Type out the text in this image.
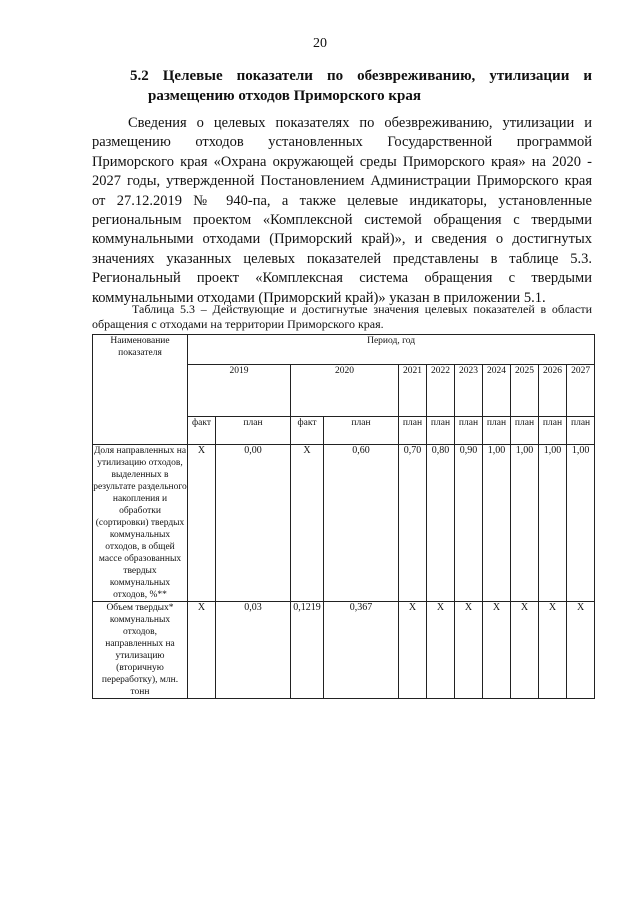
20
5.2 Целевые показатели по обезвреживанию, утилизации и
размещению отходов Приморского края
Сведения о целевых показателях по обезвреживанию, утилизации и размещению отходов установленных Государственной программой Приморского края «Охрана окружающей среды Приморского края» на 2020 - 2027 годы, утвержденной Постановлением Администрации Приморского края от 27.12.2019 № 940-па, а также целевые индикаторы, установленные региональным проектом «Комплексной системой обращения с твердыми коммунальными отходами (Приморский край)», и сведения о достигнутых значениях указанных целевых показателей представлены в таблице 5.3. Региональный проект «Комплексная система обращения с твердыми коммунальными отходами (Приморский край)» указан в приложении 5.1.
Таблица 5.3 – Действующие и достигнутые значения целевых показателей в области обращения с отходами на территории Приморского края.
Наименование показателя	Период, год										
	2019		2020		2021	2022	2023	2024	2025	2026	2027
	факт	план	факт	план	план	план	план	план	план	план	план
Доля направленных на утилизацию отходов, выделенных в результате раздельного накопления и обработки (сортировки) твердых коммунальных отходов, в общей массе образованных твердых коммунальных отходов, %**	Х	0,00	Х	0,60	0,70	0,80	0,90	1,00	1,00	1,00	1,00
Объем твердых* коммунальных отходов, направленных на утилизацию (вторичную переработку), млн. тонн	Х	0,03	0,1219	0,367	Х	Х	Х	Х	Х	Х	Х
